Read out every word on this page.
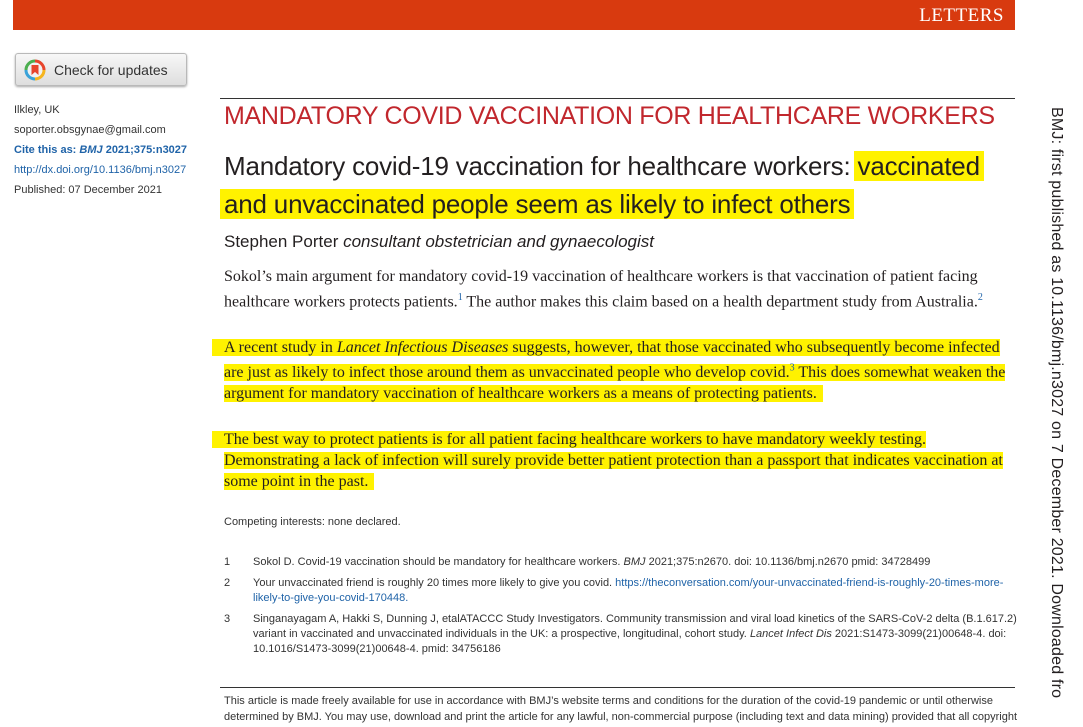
LETTERS
Check for updates
Ilkley, UK
soporter.obsgynae@gmail.com
Cite this as: BMJ 2021;375:n3027
http://dx.doi.org/10.1136/bmj.n3027
Published: 07 December 2021
MANDATORY COVID VACCINATION FOR HEALTHCARE WORKERS
Mandatory covid-19 vaccination for healthcare workers: vaccinated
and unvaccinated people seem as likely to infect others
Stephen Porter consultant obstetrician and gynaecologist
Sokol’s main argument for mandatory covid-19 vaccination of healthcare workers is that vaccination of patient facing healthcare workers protects patients.$^1$ The author makes this claim based on a health department study from Australia.$^2$
A recent study in Lancet Infectious Diseases suggests, however, that those vaccinated who subsequently become infected are just as likely to infect those around them as unvaccinated people who develop covid.$^3$ This does somewhat weaken the argument for mandatory vaccination of healthcare workers as a means of protecting patients.
The best way to protect patients is for all patient facing healthcare workers to have mandatory weekly testing. Demonstrating a lack of infection will surely provide better patient protection than a passport that indicates vaccination at some point in the past.
Competing interests: none declared.
1	Sokol D. Covid-19 vaccination should be mandatory for healthcare workers. BMJ 2021;375:n2670. doi: 10.1136/bmj.n2670 pmid: 34728499
2	Your unvaccinated friend is roughly 20 times more likely to give you covid. https://theconversation.com/your-unvaccinated-friend-is-roughly-20-times-more-likely-to-give-you-covid-170448.
3	Singanayagam A, Hakki S, Dunning J, etalATACCC Study Investigators. Community transmission and viral load kinetics of the SARS-CoV-2 delta (B.1.617.2) variant in vaccinated and unvaccinated individuals in the UK: a prospective, longitudinal, cohort study. Lancet Infect Dis 2021:S1473-3099(21)00648-4. doi: 10.1016/S1473-3099(21)00648-4. pmid: 34756186
This article is made freely available for use in accordance with BMJ’s website terms and conditions for the duration of the covid-19 pandemic or until otherwise determined by BMJ. You may use, download and print the article for any lawful, non-commercial purpose (including text and data mining) provided that all copyright
BMJ: first published as 10.1136/bmj.n3027 on 7 December 2021. Downloaded fro
